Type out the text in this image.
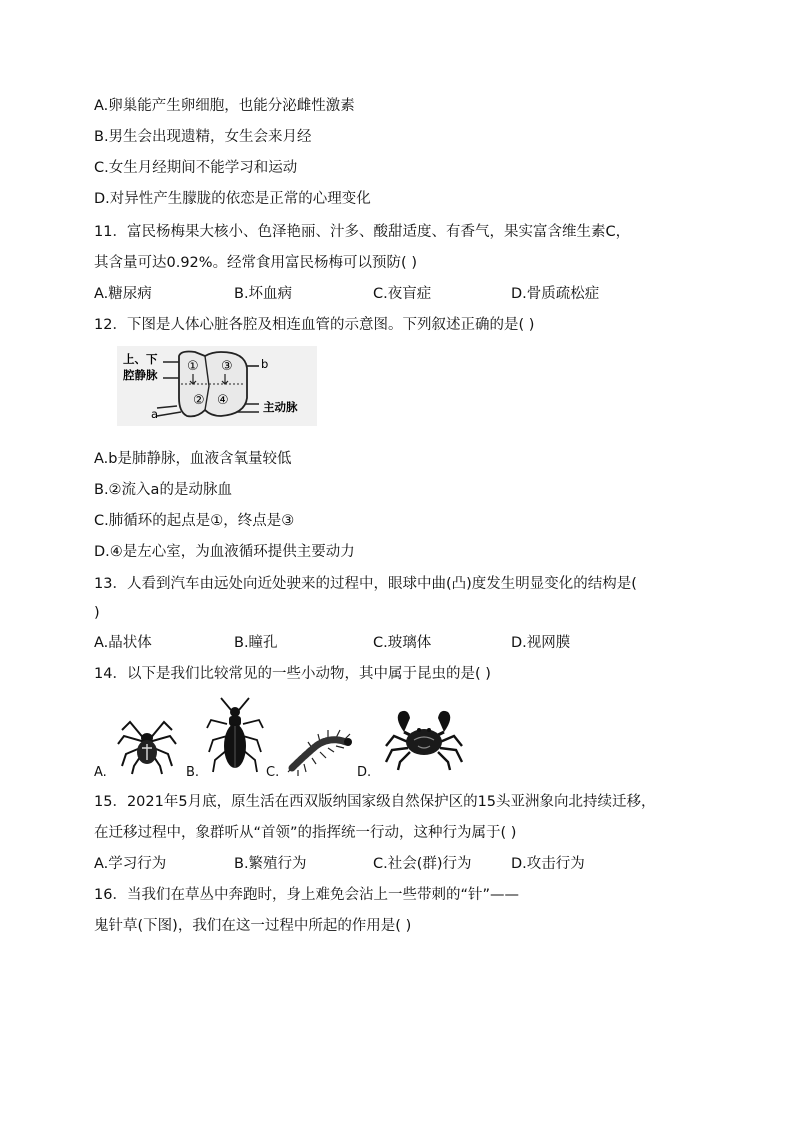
A.卵巢能产生卵细胞，也能分泌雌性激素
B.男生会出现遗精，女生会来月经
C.女生月经期间不能学习和运动
D.对异性产生朦胧的依恋是正常的心理变化
11．富民杨梅果大核小、色泽艳丽、汁多、酸甜适度、有香气，果实富含维生素C，
其含量可达0.92%。经常食用富民杨梅可以预防( )
A.糖尿病	B.坏血病	C.夜盲症	D.骨质疏松症
12．下图是人体心脏各腔及相连血管的示意图。下列叙述正确的是( )
①
②
③
④
上、下
腔静脉
a
b
主动脉
A.b是肺静脉，血液含氧量较低
B.②流入a的是动脉血
C.肺循环的起点是①，终点是③
D.④是左心室，为血液循环提供主要动力
13．人看到汽车由远处向近处驶来的过程中，眼球中曲(凸)度发生明显变化的结构是(
)
A.晶状体	B.瞳孔	C.玻璃体	D.视网膜
14．以下是我们比较常见的一些小动物，其中属于昆虫的是( )
A.	B.	C.	D.
15．2021年5月底，原生活在西双版纳国家级自然保护区的15头亚洲象向北持续迁移，
在迁移过程中，象群听从“首领”的指挥统一行动，这种行为属于( )
A.学习行为	B.繁殖行为	C.社会(群)行为	D.攻击行为
16．当我们在草丛中奔跑时，身上难免会沾上一些带刺的“针”——
鬼针草(下图)，我们在这一过程中所起的作用是( )
